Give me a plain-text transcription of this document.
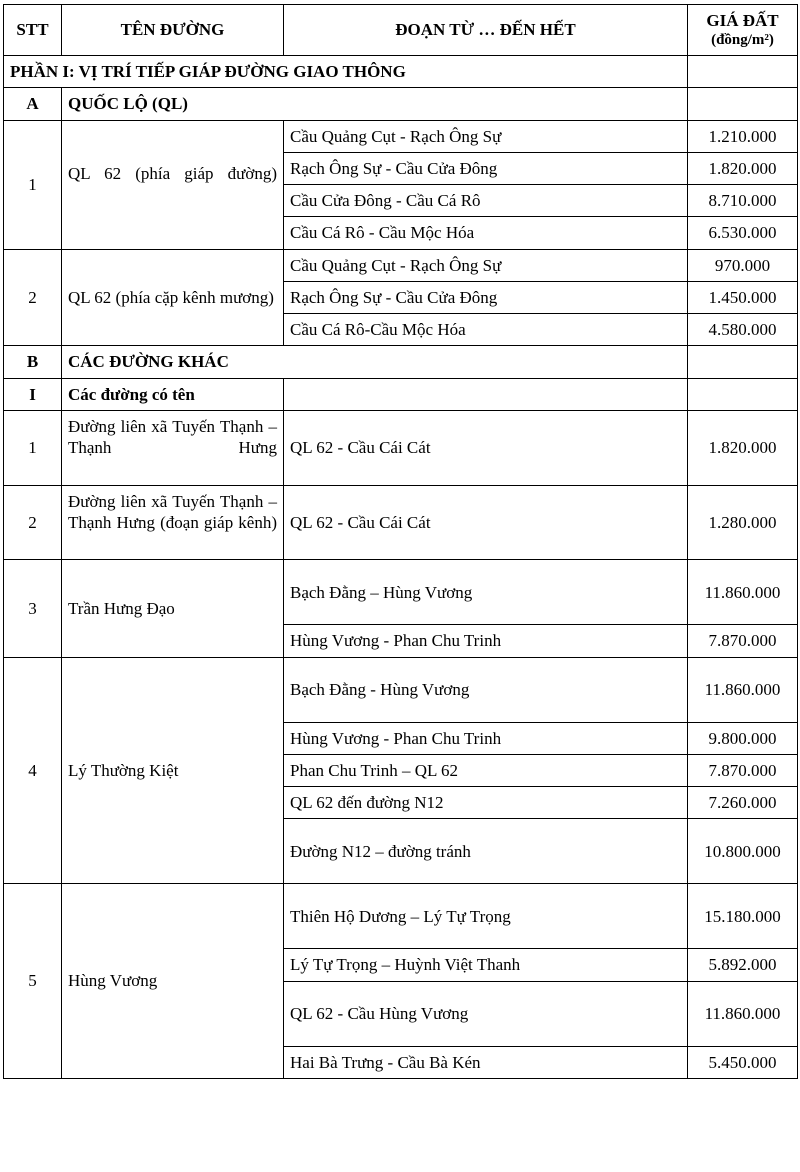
STT	TÊN ĐƯỜNG	ĐOẠN TỪ … ĐẾN HẾT	GIÁ ĐẤT
(đồng/m²)

PHẦN I: VỊ TRÍ TIẾP GIÁP ĐƯỜNG GIAO THÔNG			
A	QUỐC LỘ (QL)		
1	QL 62 (phía giáp đường)	Cầu Quảng Cụt - Rạch Ông Sự	1.210.000
		Rạch Ông Sự - Cầu Cửa Đông	1.820.000
		Cầu Cửa Đông - Cầu Cá Rô	8.710.000
		Cầu Cá Rô - Cầu Mộc Hóa	6.530.000
2	QL 62 (phía cặp kênh mương)	Cầu Quảng Cụt - Rạch Ông Sự	970.000
		Rạch Ông Sự - Cầu Cửa Đông	1.450.000
		Cầu Cá Rô-Cầu Mộc Hóa	4.580.000
B	CÁC ĐƯỜNG KHÁC		
I	Các đường có tên		
1	Đường liên xã Tuyến Thạnh – Thạnh Hưng	QL 62 - Cầu Cái Cát	1.820.000
2	Đường liên xã Tuyến Thạnh – Thạnh Hưng (đoạn giáp kênh)	QL 62 - Cầu Cái Cát	1.280.000
3	Trần Hưng Đạo	Bạch Đằng – Hùng Vương	11.860.000
		Hùng Vương - Phan Chu Trinh	7.870.000
4	Lý Thường Kiệt	Bạch Đằng - Hùng Vương	11.860.000
		Hùng Vương - Phan Chu Trinh	9.800.000
		Phan Chu Trinh – QL 62	7.870.000
		QL 62 đến đường N12	7.260.000
		Đường N12 – đường tránh	10.800.000
5	Hùng Vương	Thiên Hộ Dương – Lý Tự Trọng	15.180.000
		Lý Tự Trọng – Huỳnh Việt Thanh	5.892.000
		QL 62 - Cầu Hùng Vương	11.860.000
		Hai Bà Trưng - Cầu Bà Kén	5.450.000
